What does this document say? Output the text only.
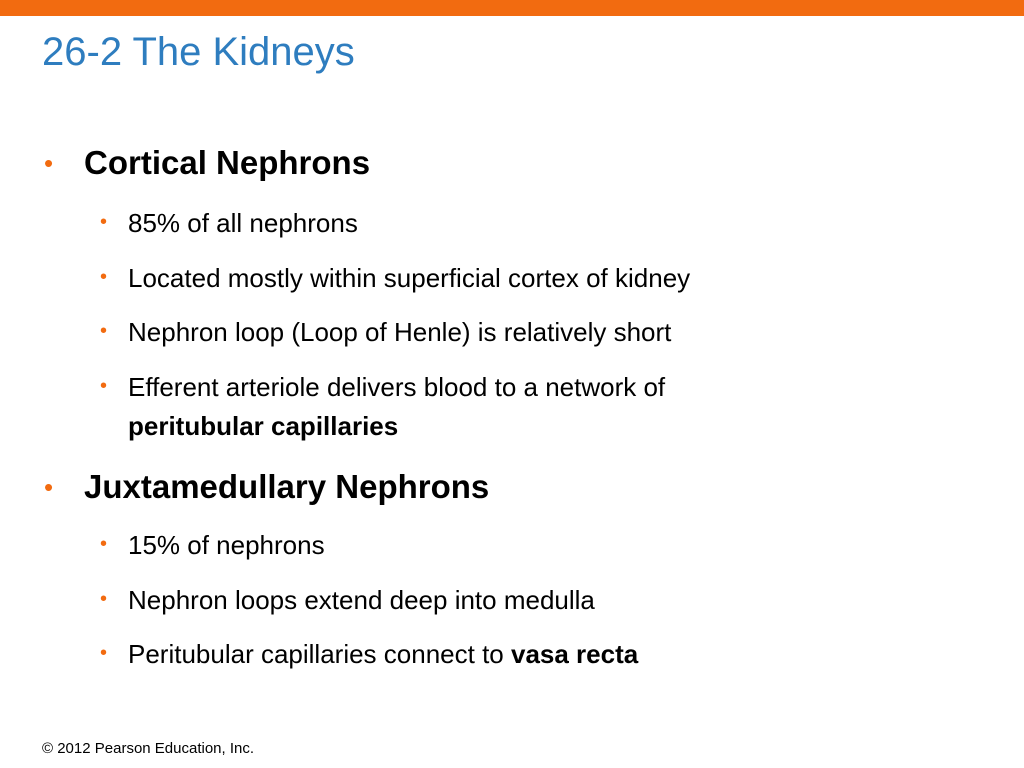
26-2 The Kidneys
• Cortical Nephrons
• 85% of all nephrons
• Located mostly within superficial cortex of kidney
• Nephron loop (Loop of Henle) is relatively short
• Efferent arteriole delivers blood to a network of
peritubular capillaries
• Juxtamedullary Nephrons
• 15% of nephrons
• Nephron loops extend deep into medulla
• Peritubular capillaries connect to vasa recta
© 2012 Pearson Education, Inc.
